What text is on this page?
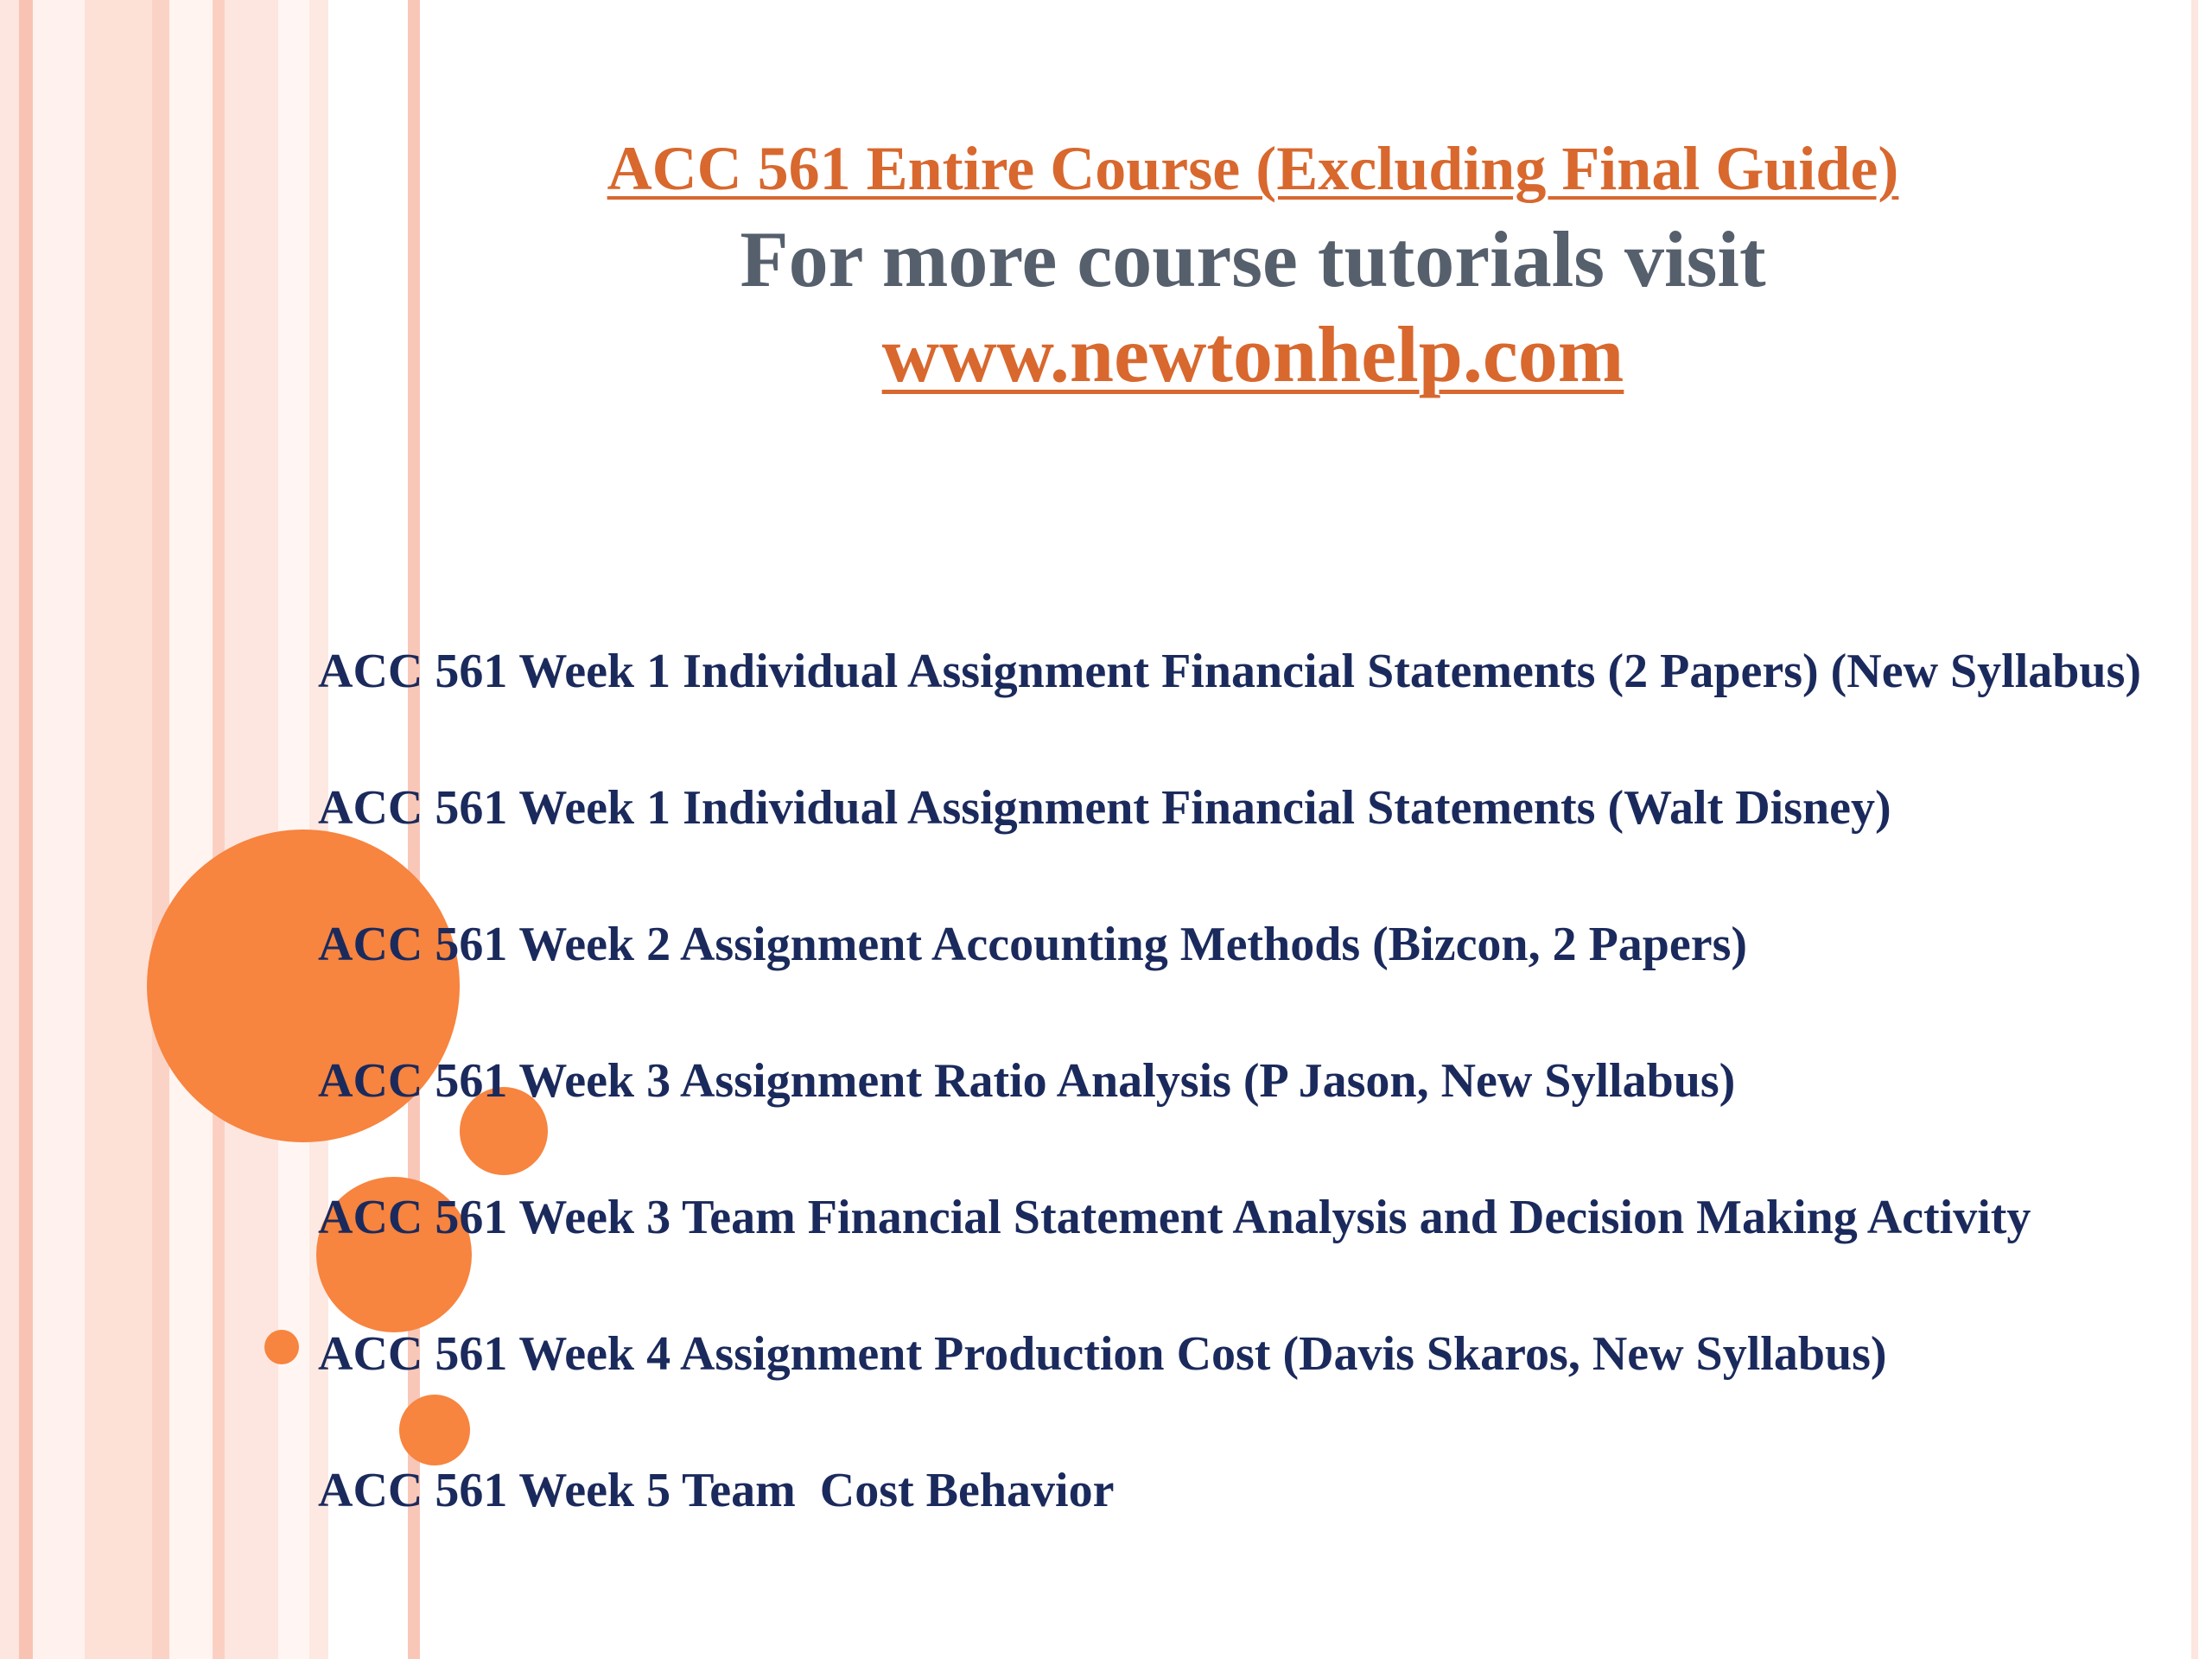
ACC 561 Entire Course (Excluding Final Guide)
For more course tutorials visit
www.newtonhelp.com
ACC 561 Week 1 Individual Assignment Financial Statements (2 Papers) (New Syllabus)
ACC 561 Week 1 Individual Assignment Financial Statements (Walt Disney)
ACC 561 Week 2 Assignment Accounting Methods (Bizcon, 2 Papers)
ACC 561 Week 3 Assignment Ratio Analysis (P Jason, New Syllabus)
ACC 561 Week 3 Team Financial Statement Analysis and Decision Making Activity
ACC 561 Week 4 Assignment Production Cost (Davis Skaros, New Syllabus)
ACC 561 Week 5 Team  Cost Behavior
